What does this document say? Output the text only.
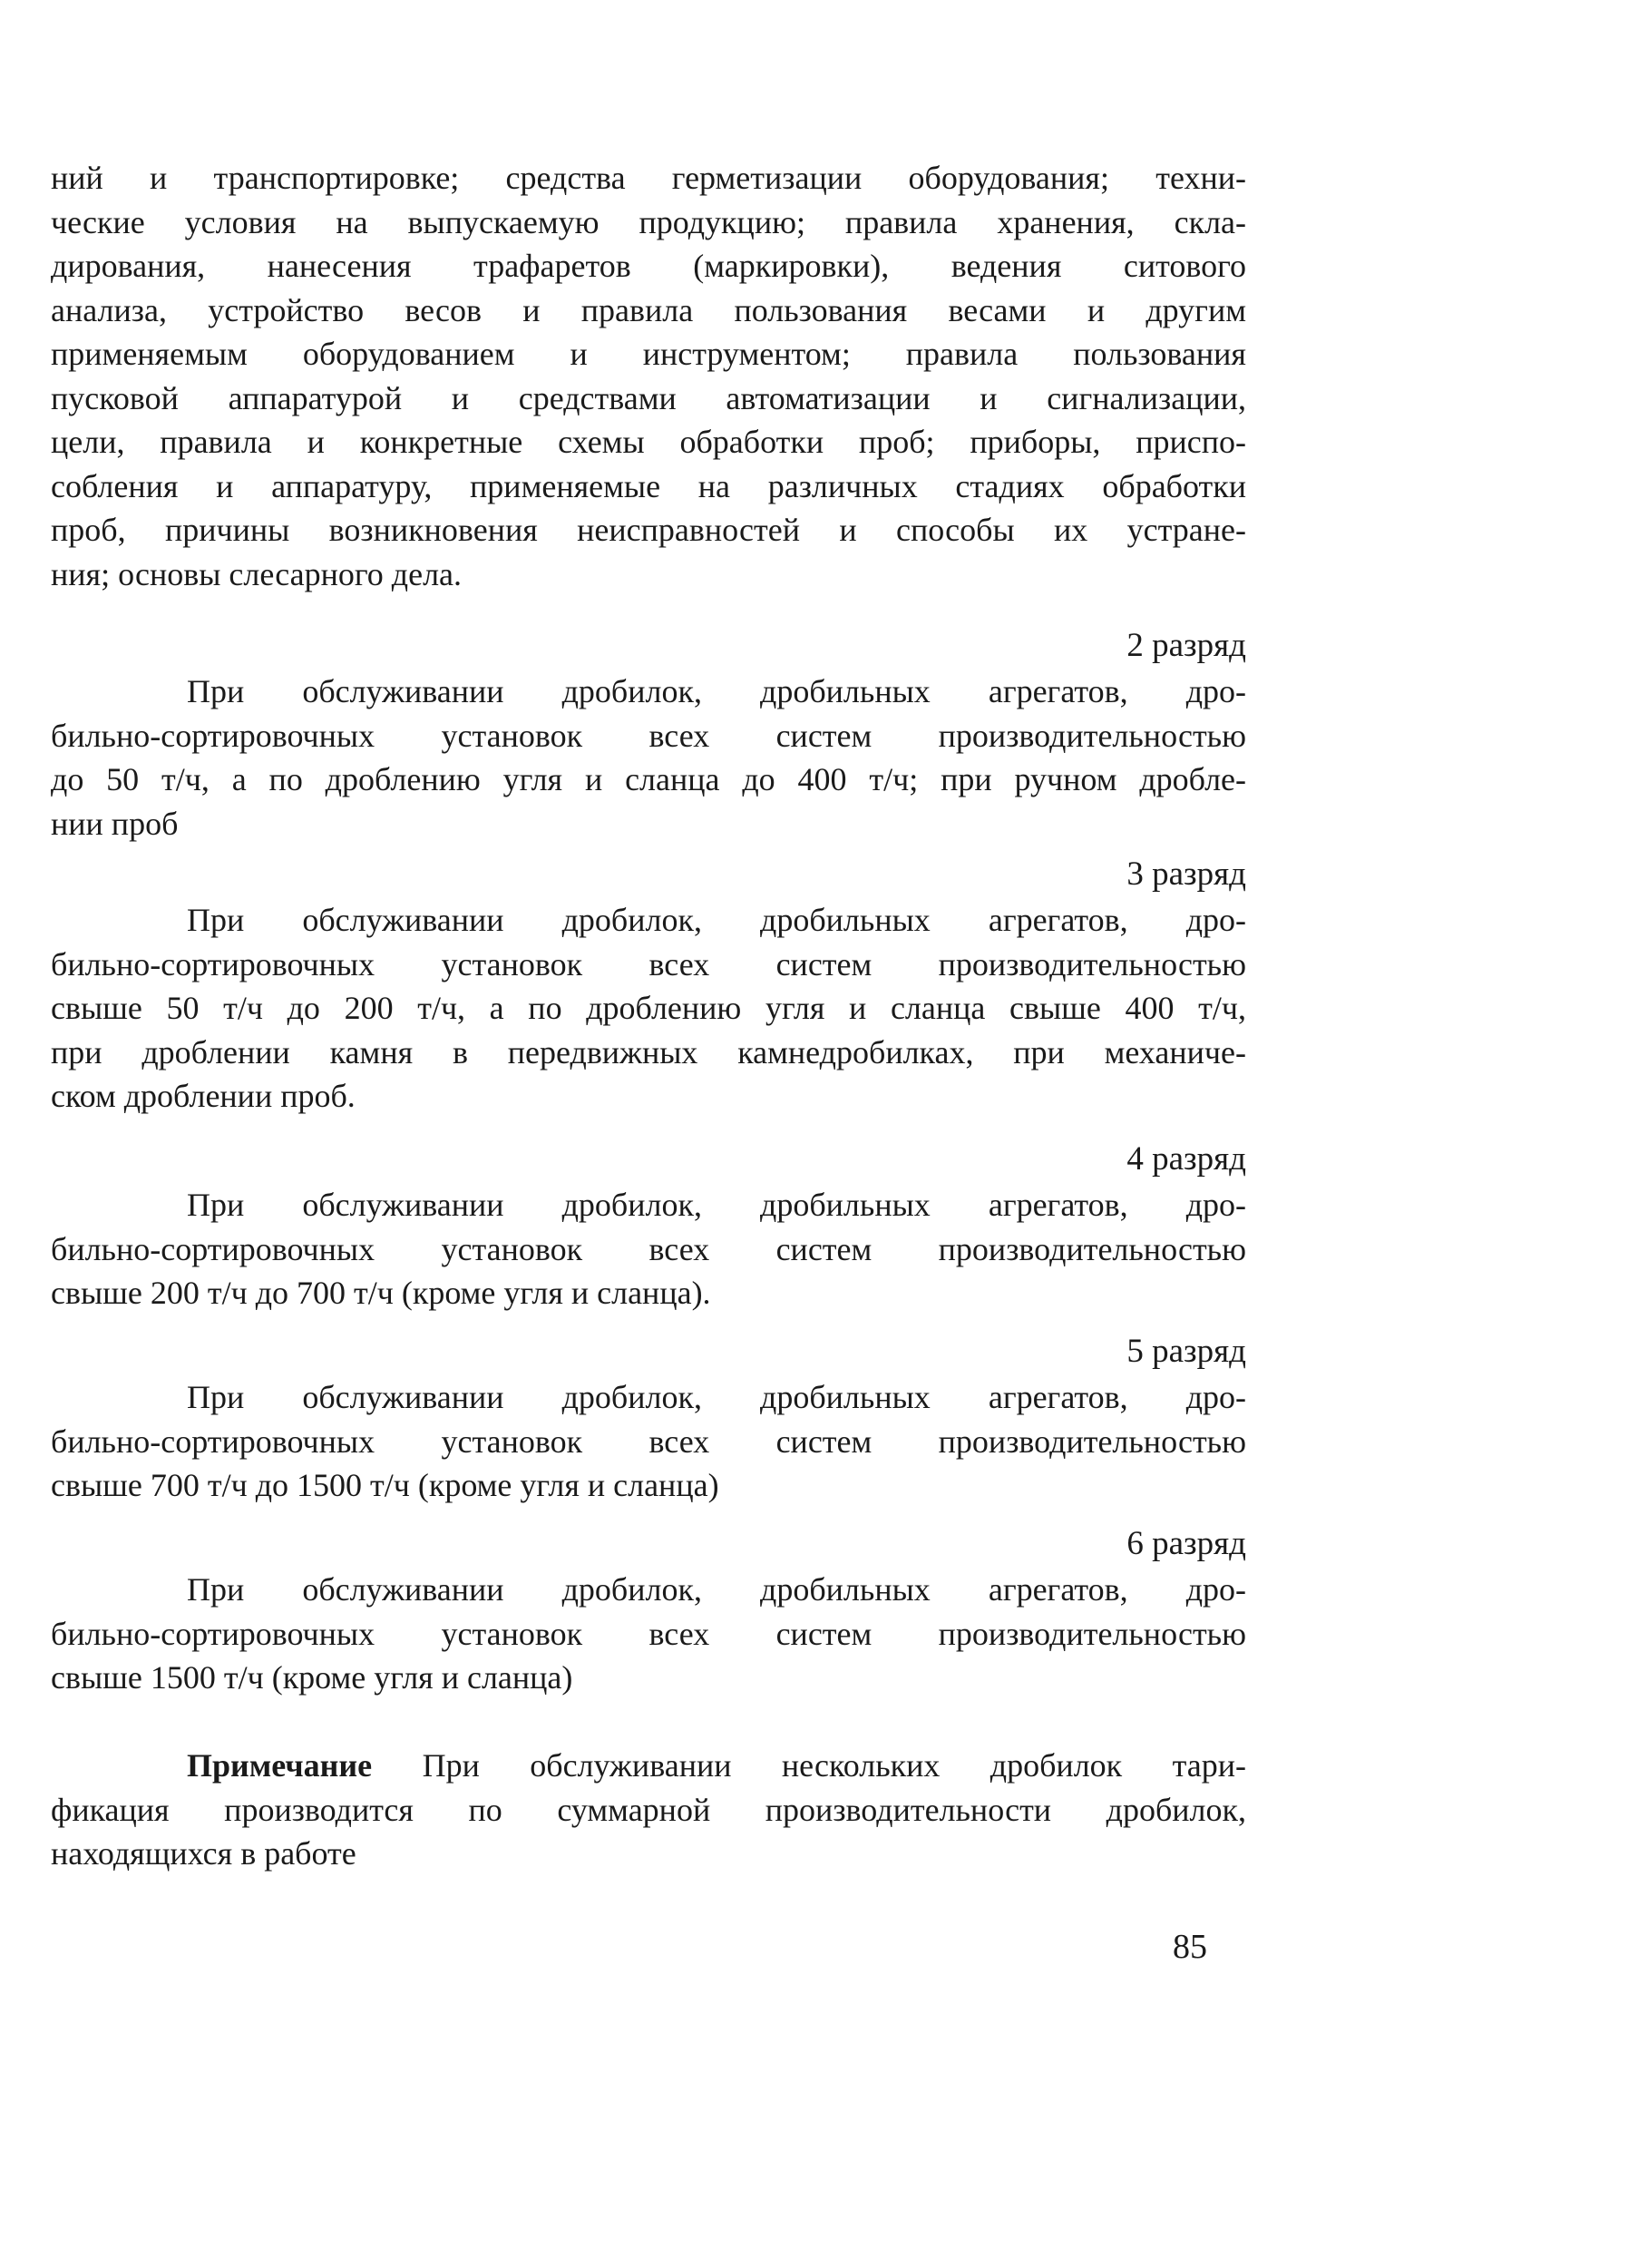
ний и транспортировке; средства герметизации оборудования; техни-
ческие условия на выпускаемую продукцию; правила хранения, скла-
дирования, нанесения трафаретов (маркировки), ведения ситового
анализа, устройство весов и правила пользования весами и другим
применяемым оборудованием и инструментом; правила пользования
пусковой аппаратурой и средствами автоматизации и сигнализации,
цели, правила и конкретные схемы обработки проб; приборы, приспо-
собления и аппаратуру, применяемые на различных стадиях обработки
проб, причины возникновения неисправностей и способы их устране-
ния; основы слесарного дела.
2 разряд
При обслуживании дробилок, дробильных агрегатов, дро-
бильно-сортировочных установок всех систем производительностью
до 50 т/ч, а по дроблению угля и сланца до 400 т/ч; при ручном дробле-
нии проб
3 разряд
При обслуживании дробилок, дробильных агрегатов, дро-
бильно-сортировочных установок всех систем производительностью
свыше 50 т/ч до 200 т/ч, а по дроблению угля и сланца свыше 400 т/ч,
при дроблении камня в передвижных камнедробилках, при механиче-
ском дроблении проб.
4 разряд
При обслуживании дробилок, дробильных агрегатов, дро-
бильно-сортировочных установок всех систем производительностью
свыше 200 т/ч до 700 т/ч (кроме угля и сланца).
5 разряд
При обслуживании дробилок, дробильных агрегатов, дро-
бильно-сортировочных установок всех систем производительностью
свыше 700 т/ч до 1500 т/ч (кроме угля и сланца)
6 разряд
При обслуживании дробилок, дробильных агрегатов, дро-
бильно-сортировочных установок всех систем производительностью
свыше 1500 т/ч (кроме угля и сланца)
Примечание При обслуживании нескольких дробилок тари-
фикация производится по суммарной производительности дробилок,
находящихся в работе
85
